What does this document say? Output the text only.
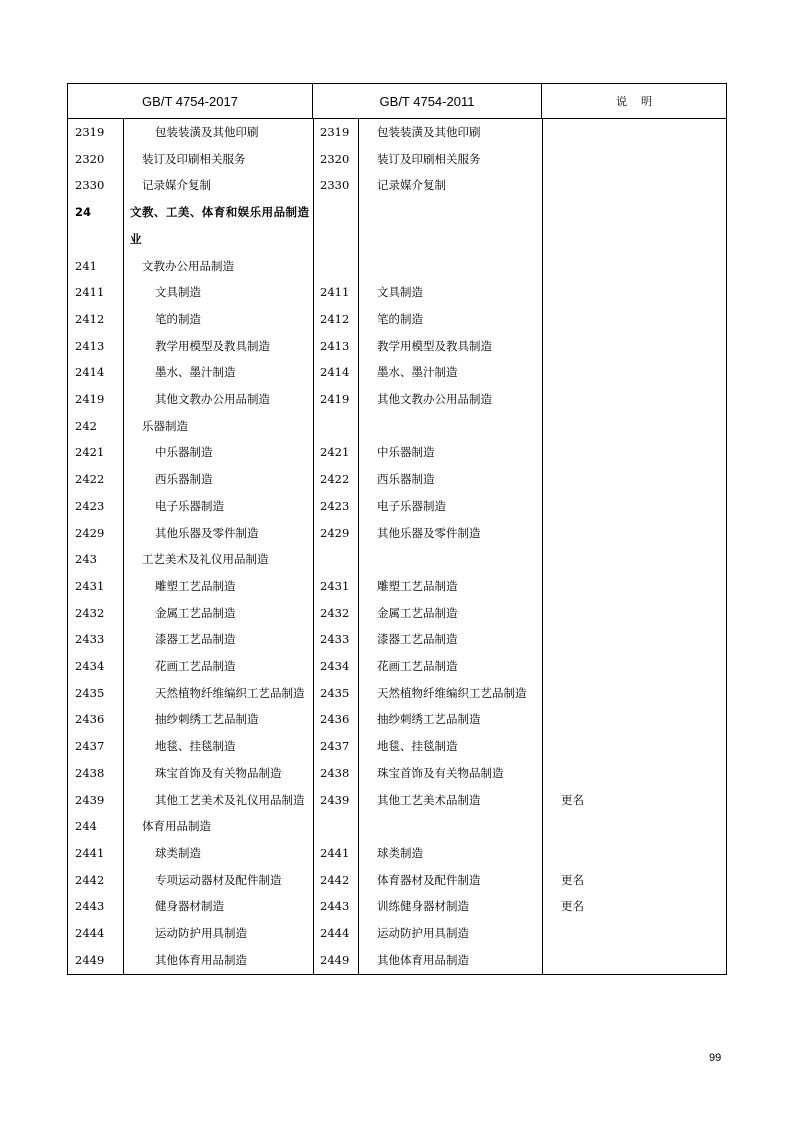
GB/T 4754-2017	GB/T 4754-2011	说明
2319	包装装潢及其他印刷	2319	包装装潢及其他印刷
2320	装订及印刷相关服务	2320	装订及印刷相关服务
2330	记录媒介复制	2330	记录媒介复制
24	文教、工美、体育和娱乐用品制造业
241	文教办公用品制造
2411	文具制造	2411	文具制造
2412	笔的制造	2412	笔的制造
2413	教学用模型及教具制造	2413	教学用模型及教具制造
2414	墨水、墨汁制造	2414	墨水、墨汁制造
2419	其他文教办公用品制造	2419	其他文教办公用品制造
242	乐器制造
2421	中乐器制造	2421	中乐器制造
2422	西乐器制造	2422	西乐器制造
2423	电子乐器制造	2423	电子乐器制造
2429	其他乐器及零件制造	2429	其他乐器及零件制造
243	工艺美术及礼仪用品制造
2431	雕塑工艺品制造	2431	雕塑工艺品制造
2432	金属工艺品制造	2432	金属工艺品制造
2433	漆器工艺品制造	2433	漆器工艺品制造
2434	花画工艺品制造	2434	花画工艺品制造
2435	天然植物纤维编织工艺品制造	2435	天然植物纤维编织工艺品制造
2436	抽纱刺绣工艺品制造	2436	抽纱刺绣工艺品制造
2437	地毯、挂毯制造	2437	地毯、挂毯制造
2438	珠宝首饰及有关物品制造	2438	珠宝首饰及有关物品制造
2439	其他工艺美术及礼仪用品制造	2439	其他工艺美术品制造	更名
244	体育用品制造
2441	球类制造	2441	球类制造
2442	专项运动器材及配件制造	2442	体育器材及配件制造	更名
2443	健身器材制造	2443	训练健身器材制造	更名
2444	运动防护用具制造	2444	运动防护用具制造
2449	其他体育用品制造	2449	其他体育用品制造
99
